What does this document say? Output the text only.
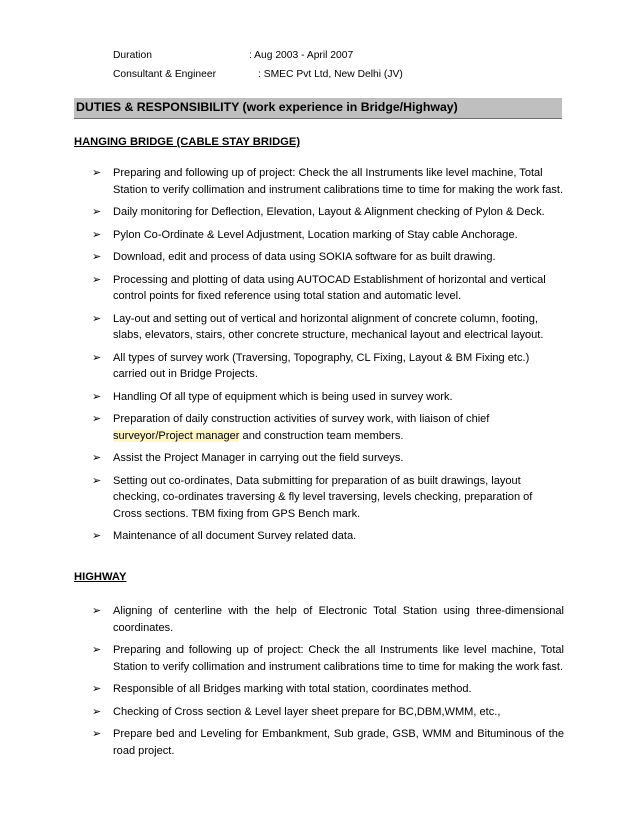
Duration	: Aug 2003 - April 2007
Consultant & Engineer	: SMEC Pvt Ltd, New Delhi (JV)
DUTIES & RESPONSIBILITY (work experience in Bridge/Highway)
HANGING BRIDGE (CABLE STAY BRIDGE)
➢ Preparing and following up of project: Check the all Instruments like level machine, Total Station to verify collimation and instrument calibrations time to time for making the work fast.
➢ Daily monitoring for Deflection, Elevation, Layout & Alignment checking of Pylon & Deck.
➢ Pylon Co-Ordinate & Level Adjustment, Location marking of Stay cable Anchorage.
➢ Download, edit and process of data using SOKIA software for as built drawing.
➢ Processing and plotting of data using AUTOCAD Establishment of horizontal and vertical control points for fixed reference using total station and automatic level.
➢ Lay-out and setting out of vertical and horizontal alignment of concrete column, footing, slabs, elevators, stairs, other concrete structure, mechanical layout and electrical layout.
➢ All types of survey work (Traversing, Topography, CL Fixing, Layout & BM Fixing etc.) carried out in Bridge Projects.
➢ Handling Of all type of equipment which is being used in survey work.
➢ Preparation of daily construction activities of survey work, with liaison of chief surveyor/Project manager and construction team members.
➢ Assist the Project Manager in carrying out the field surveys.
➢ Setting out co-ordinates, Data submitting for preparation of as built drawings, layout checking, co-ordinates traversing & fly level traversing, levels checking, preparation of Cross sections. TBM fixing from GPS Bench mark.
➢ Maintenance of all document Survey related data.
HIGHWAY
➢ Aligning of centerline with the help of Electronic Total Station using three-dimensional coordinates.
➢ Preparing and following up of project: Check the all Instruments like level machine, Total Station to verify collimation and instrument calibrations time to time for making the work fast.
➢ Responsible of all Bridges marking with total station, coordinates method.
➢ Checking of Cross section & Level layer sheet prepare for BC,DBM,WMM, etc.,
➢ Prepare bed and Leveling for Embankment, Sub grade, GSB, WMM and Bituminous of the road project.
